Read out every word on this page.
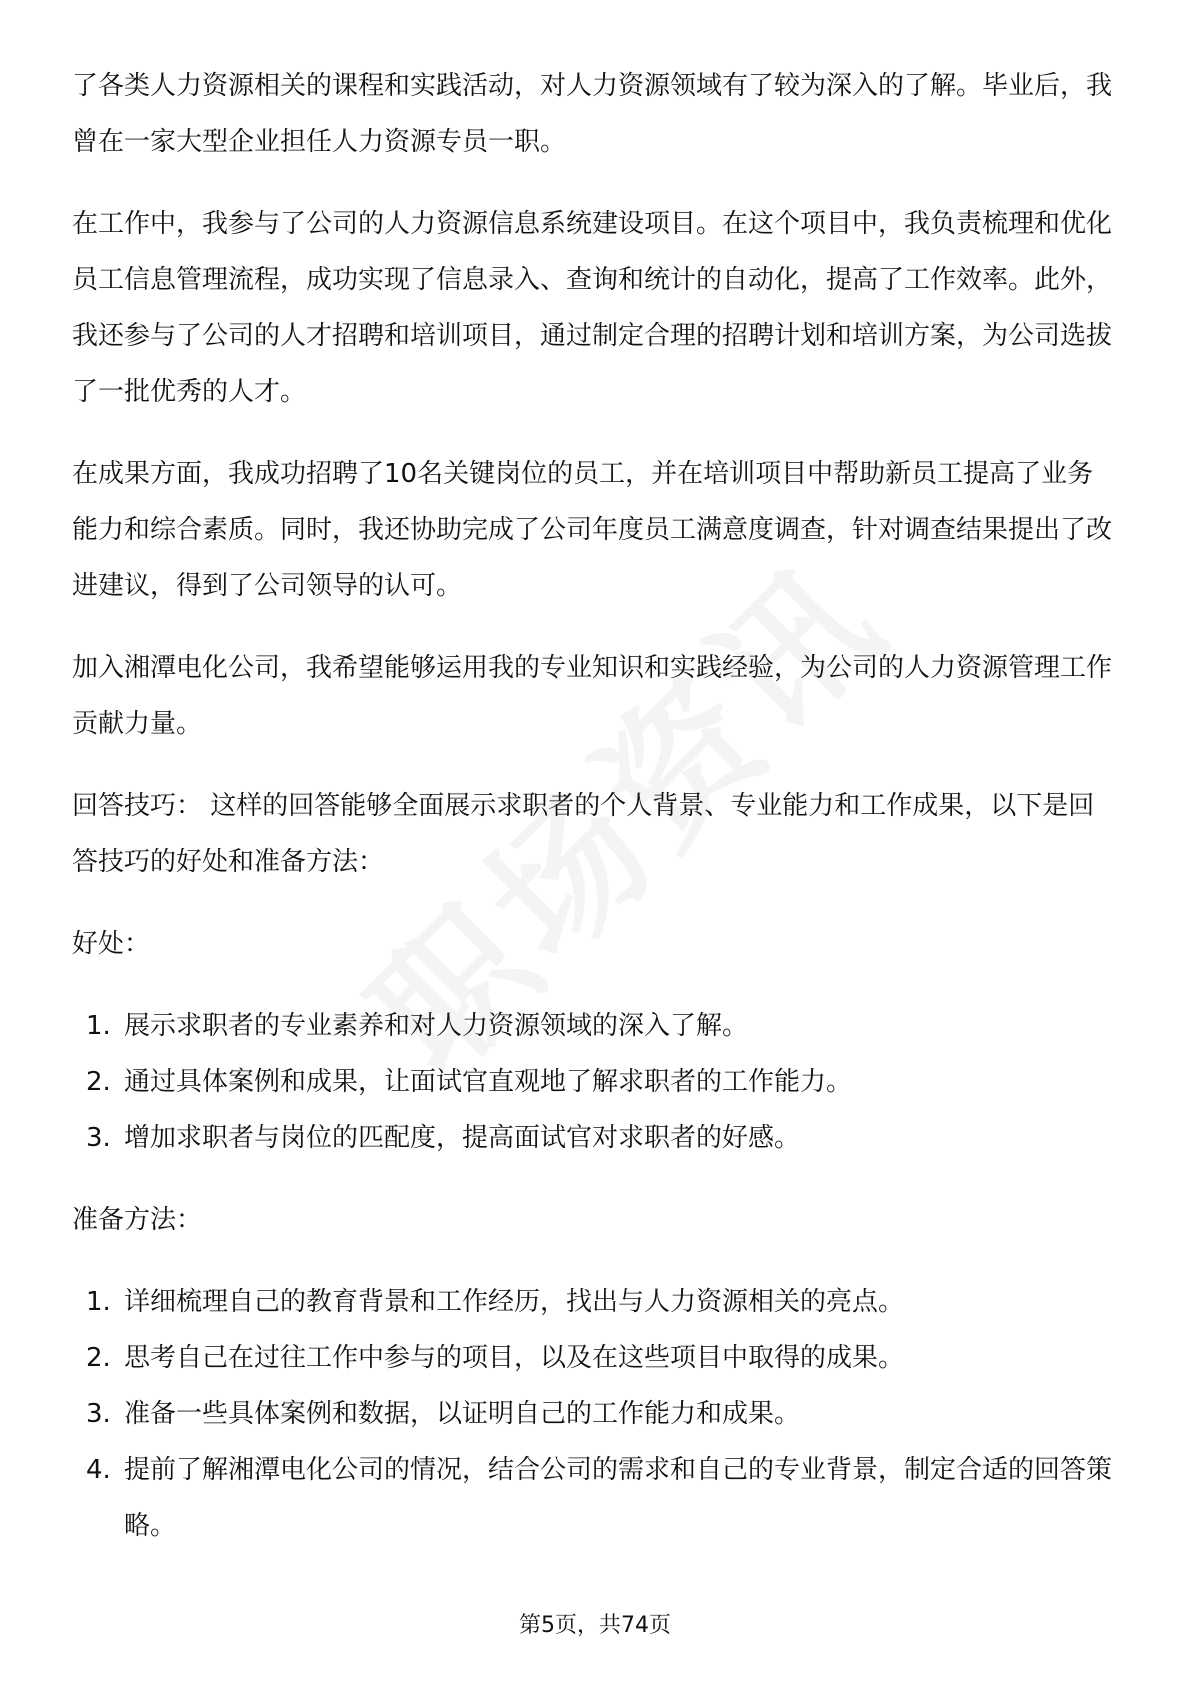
了各类人力资源相关的课程和实践活动，对人力资源领域有了较为深入的了解。毕业后，我曾在一家大型企业担任人力资源专员一职。

在工作中，我参与了公司的人力资源信息系统建设项目。在这个项目中，我负责梳理和优化员工信息管理流程，成功实现了信息录入、查询和统计的自动化，提高了工作效率。此外，我还参与了公司的人才招聘和培训项目，通过制定合理的招聘计划和培训方案，为公司选拔了一批优秀的人才。

在成果方面，我成功招聘了10名关键岗位的员工，并在培训项目中帮助新员工提高了业务能力和综合素质。同时，我还协助完成了公司年度员工满意度调查，针对调查结果提出了改进建议，得到了公司领导的认可。

加入湘潭电化公司，我希望能够运用我的专业知识和实践经验，为公司的人力资源管理工作贡献力量。

回答技巧： 这样的回答能够全面展示求职者的个人背景、专业能力和工作成果，以下是回答技巧的好处和准备方法：

好处：

1. 展示求职者的专业素养和对人力资源领域的深入了解。
2. 通过具体案例和成果，让面试官直观地了解求职者的工作能力。
3. 增加求职者与岗位的匹配度，提高面试官对求职者的好感。

准备方法：

1. 详细梳理自己的教育背景和工作经历，找出与人力资源相关的亮点。
2. 思考自己在过往工作中参与的项目，以及在这些项目中取得的成果。
3. 准备一些具体案例和数据，以证明自己的工作能力和成果。
4. 提前了解湘潭电化公司的情况，结合公司的需求和自己的专业背景，制定合适的回答策略。
第5页，共74页
